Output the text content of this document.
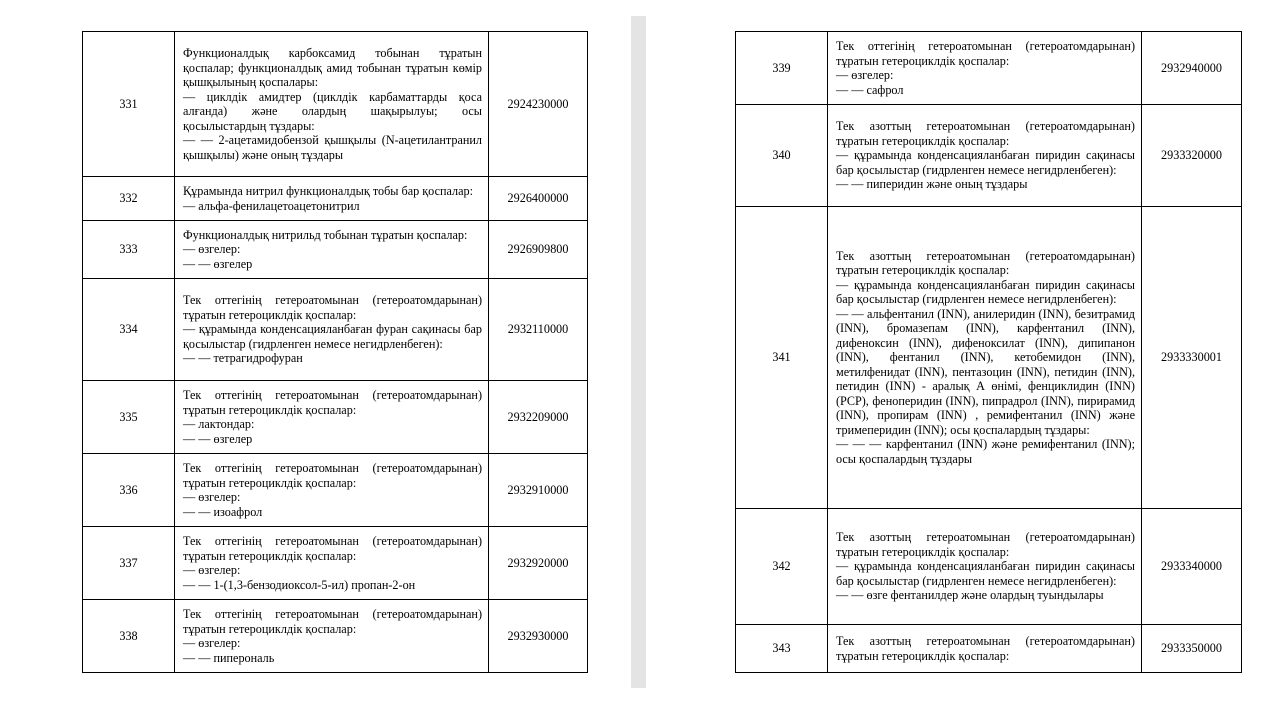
331	Функционалдық карбоксамид тобынан тұратын қоспалар; функционалдық амид тобынан тұратын көмір қышқылының қоспалары:
— циклдік амидтер (циклдік карбаматтарды қоса алғанда) және олардың шақырылуы; осы қосылыстардың тұздары:
— — 2-ацетамидобензой қышқылы (N-ацетилантранил қышқылы) және оның тұздары	2924230000
332	Құрамында нитрил функционалдық тобы бар қоспалар:
— альфа-фенилацетоацетонитрил	2926400000
333	Функционалдық нитрильд тобынан тұратын қоспалар:
— өзгелер:
— — өзгелер	2926909800
334	Тек оттегінің гетероатомынан (гетероатомдарынан) тұратын гетероциклдік қоспалар:
— құрамында конденсацияланбаған фуран сақинасы бар қосылыстар (гидрленген немесе негидрленбеген):
— — тетрагидрофуран	2932110000
335	Тек оттегінің гетероатомынан (гетероатомдарынан) тұратын гетероциклдік қоспалар:
— лактондар:
— — өзгелер	2932209000
336	Тек оттегінің гетероатомынан (гетероатомдарынан) тұратын гетероциклдік қоспалар:
— өзгелер:
— — изоафрол	2932910000
337	Тек оттегінің гетероатомынан (гетероатомдарынан) тұратын гетероциклдік қоспалар:
— өзгелер:
— — 1-(1,3-бензодиоксол-5-ил) пропан-2-он	2932920000
338	Тек оттегінің гетероатомынан (гетероатомдарынан) тұратын гетероциклдік қоспалар:
— өзгелер:
— — пиперональ	2932930000
339	Тек оттегінің гетероатомынан (гетероатомдарынан) тұратын гетероциклдік қоспалар:
— өзгелер:
— — сафрол	2932940000
340	Тек азоттың гетероатомынан (гетероатомдарынан) тұратын гетероциклдік қоспалар:
— құрамында конденсацияланбаған пиридин сақинасы бар қосылыстар (гидрленген немесе негидрленбеген):
— — пиперидин және оның тұздары	2933320000
341	Тек азоттың гетероатомынан (гетероатомдарынан) тұратын гетероциклдік қоспалар:
— құрамында конденсацияланбаған пиридин сақинасы бар қосылыстар (гидрленген немесе негидрленбеген):
— — альфентанил (INN), анилеридин (INN), безитрамид (INN), бромазепам (INN), карфентанил (INN), дифеноксин (INN), дифеноксилат (INN), дипипанон (INN), фентанил (INN), кетобемидон (INN), метилфенидат (INN), пентазоцин (INN), петидин (INN), петидин (INN) - аралық А өнімі, фенциклидин (INN) (PCP), феноперидин (INN), пипрадрол (INN), пирирамид (INN), пропирам (INN) , ремифентанил (INN) және тримеперидин (INN); осы қоспалардың тұздары:
— — — карфентанил (INN) және ремифентанил (INN); осы қоспалардың тұздары	2933330001
342	Тек азоттың гетероатомынан (гетероатомдарынан) тұратын гетероциклдік қоспалар:
— құрамында конденсацияланбаған пиридин сақинасы бар қосылыстар (гидрленген немесе негидрленбеген):
— — өзге фентанилдер және олардың туындылары	2933340000
343	Тек азоттың гетероатомынан (гетероатомдарынан) тұратын гетероциклдік қоспалар:	2933350000
